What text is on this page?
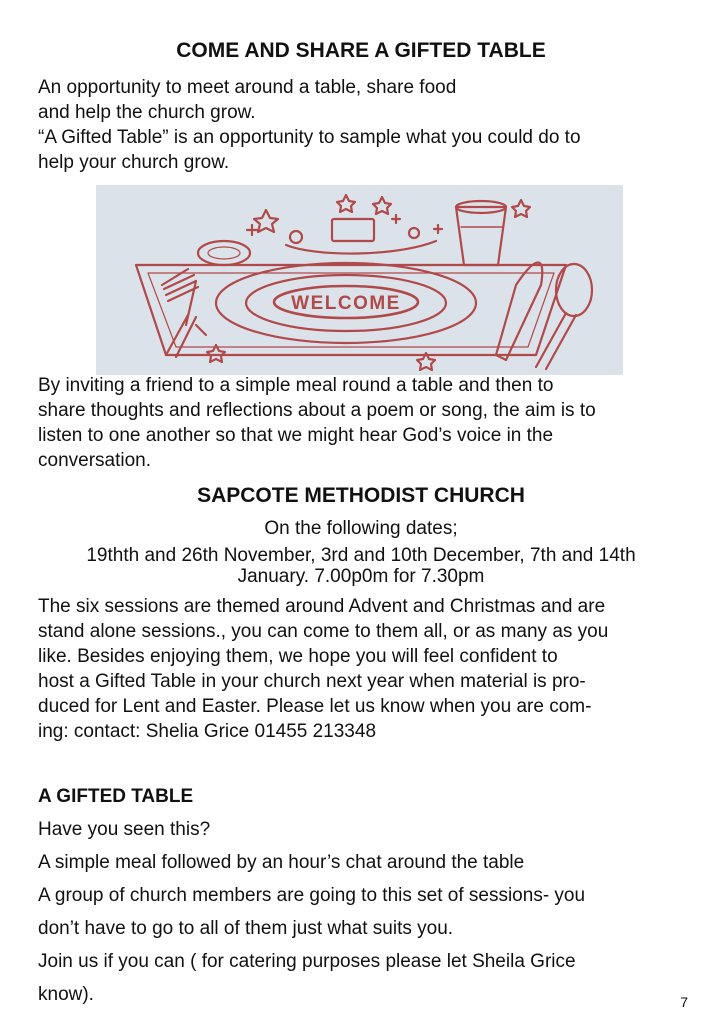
COME AND SHARE A GIFTED TABLE
An opportunity to meet around a table, share food
and help the church grow.
“A Gifted Table” is an opportunity to sample what you could do to
help your church grow.
WELCOME
By inviting a friend to a simple meal round a table and then to
share thoughts and reflections about a poem or song, the aim is to
listen to one another so that we might hear God’s voice in the
conversation.
SAPCOTE METHODIST CHURCH
On the following dates;
19thth and 26th November, 3rd and 10th December, 7th and 14th
January. 7.00p0m for 7.30pm
The six sessions are themed around Advent and Christmas and are
stand alone sessions., you can come to them all, or as many as you
like. Besides enjoying them, we hope you will feel confident to
host a Gifted Table in your church next year when material is pro-
duced for Lent and Easter. Please let us know when you are com-
ing: contact: Shelia Grice 01455 213348
A GIFTED TABLE
Have you seen this?
A simple meal followed by an hour’s chat around the table
A group of church members are going to this set of sessions- you
don’t have to go to all of them just what suits you.
Join us if you can ( for catering purposes please let Sheila Grice
know).	7
